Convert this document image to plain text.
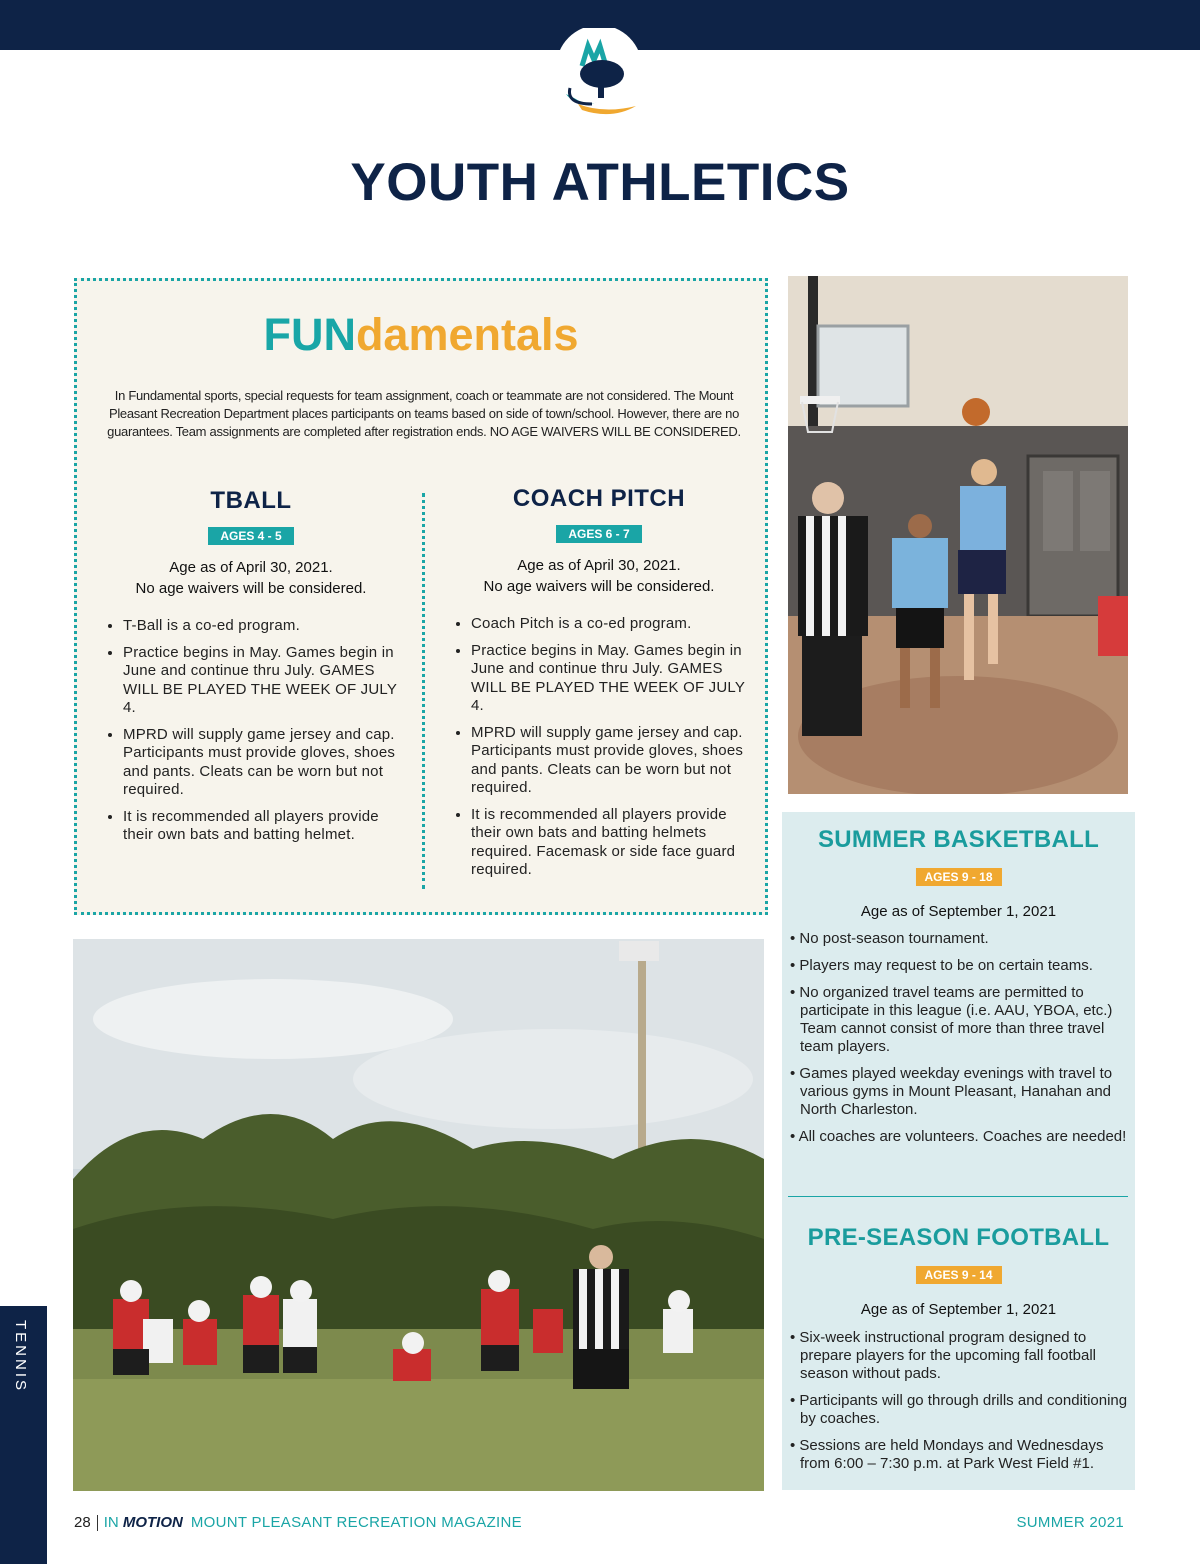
YOUTH ATHLETICS
FUNdamentals
In Fundamental sports, special requests for team assignment, coach or teammate are not considered. The Mount Pleasant Recreation Department places participants on teams based on side of town/school. However, there are no guarantees. Team assignments are completed after registration ends. NO AGE WAIVERS WILL BE CONSIDERED.
TBALL
AGES 4 - 5
Age as of April 30, 2021.
No age waivers will be considered.
• T-Ball is a co-ed program.
• Practice begins in May. Games begin in June and continue thru July. GAMES WILL BE PLAYED THE WEEK OF JULY 4.
• MPRD will supply game jersey and cap. Participants must provide gloves, shoes and pants. Cleats can be worn but not required.
• It is recommended all players provide their own bats and batting helmet.
COACH PITCH
AGES 6 - 7
Age as of April 30, 2021.
No age waivers will be considered.
• Coach Pitch is a co-ed program.
• Practice begins in May. Games begin in June and continue thru July. GAMES WILL BE PLAYED THE WEEK OF JULY 4.
• MPRD will supply game jersey and cap. Participants must provide gloves, shoes and pants. Cleats can be worn but not required.
• It is recommended all players provide their own bats and batting helmets required. Facemask or side face guard required.
SUMMER BASKETBALL
AGES 9 - 18
Age as of September 1, 2021
• No post-season tournament.
• Players may request to be on certain teams.
• No organized travel teams are permitted to participate in this league (i.e. AAU, YBOA, etc.) Team cannot consist of more than three travel team players.
• Games played weekday evenings with travel to various gyms in Mount Pleasant, Hanahan and North Charleston.
• All coaches are volunteers. Coaches are needed!
PRE-SEASON FOOTBALL
AGES 9 - 14
Age as of September 1, 2021
• Six-week instructional program designed to prepare players for the upcoming fall football season without pads.
• Participants will go through drills and conditioning by coaches.
• Sessions are held Mondays and Wednesdays from 6:00 – 7:30 p.m. at Park West Field #1.
TENNIS
28 IN MOTION MOUNT PLEASANT RECREATION MAGAZINE	SUMMER 2021
